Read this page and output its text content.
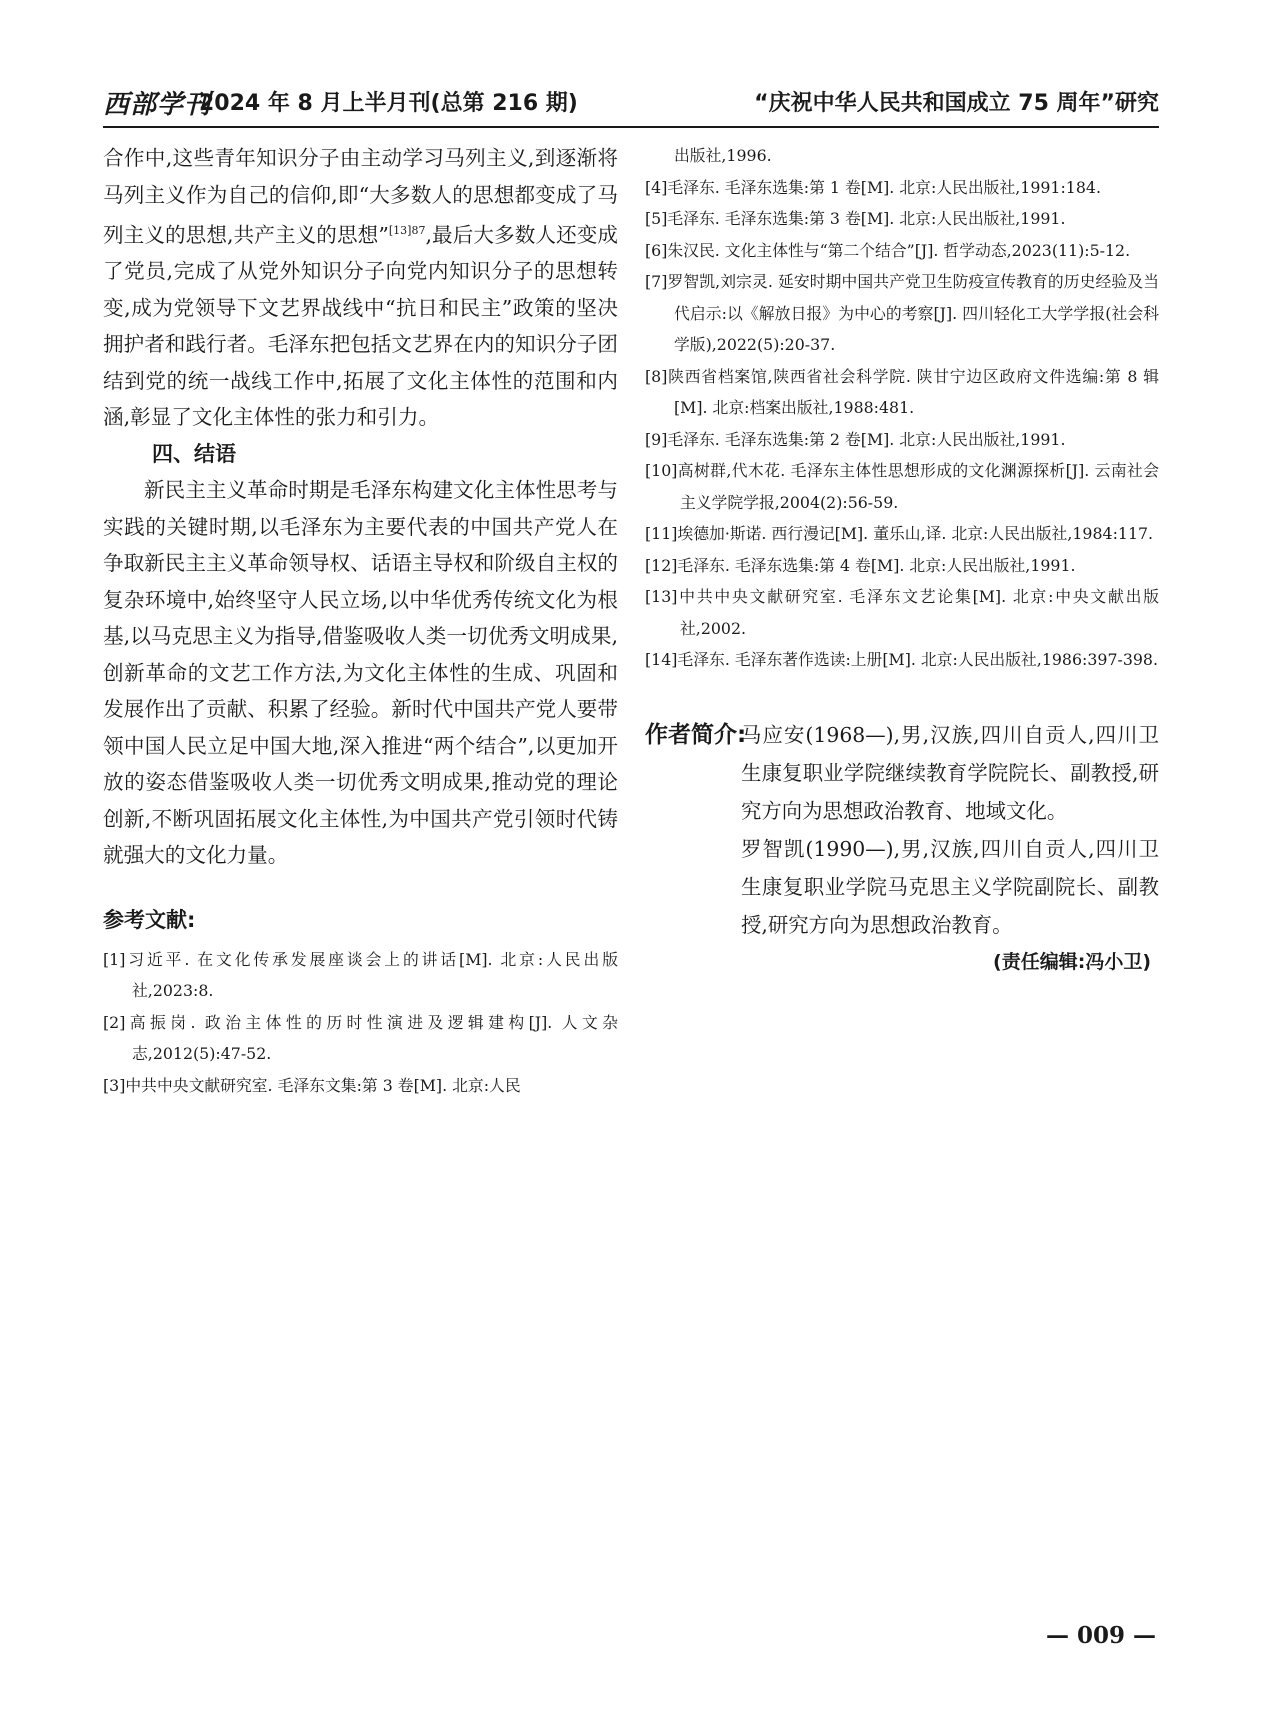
西部学刊
2024 年 8 月上半月刊(总第 216 期)	“庆祝中华人民共和国成立 75 周年”研究

合作中,这些青年知识分子由主动学习马列主义,到逐渐将马列主义作为自己的信仰,即“大多数人的思想都变成了马列主义的思想,共产主义的思想”$^{[13]87}$,最后大多数人还变成了党员,完成了从党外知识分子向党内知识分子的思想转变,成为党领导下文艺界战线中“抗日和民主”政策的坚决拥护者和践行者。毛泽东把包括文艺界在内的知识分子团结到党的统一战线工作中,拓展了文化主体性的范围和内涵,彰显了文化主体性的张力和引力。

四、结语

新民主主义革命时期是毛泽东构建文化主体性思考与实践的关键时期,以毛泽东为主要代表的中国共产党人在争取新民主主义革命领导权、话语主导权和阶级自主权的复杂环境中,始终坚守人民立场,以中华优秀传统文化为根基,以马克思主义为指导,借鉴吸收人类一切优秀文明成果,创新革命的文艺工作方法,为文化主体性的生成、巩固和发展作出了贡献、积累了经验。新时代中国共产党人要带领中国人民立足中国大地,深入推进“两个结合”,以更加开放的姿态借鉴吸收人类一切优秀文明成果,推动党的理论创新,不断巩固拓展文化主体性,为中国共产党引领时代铸就强大的文化力量。

参考文献:
[1]习近平. 在文化传承发展座谈会上的讲话[M]. 北京:人民出版社,2023:8.
[2]高振岗. 政治主体性的历时性演进及逻辑建构[J]. 人文杂志,2012(5):47-52.
[3]中共中央文献研究室. 毛泽东文集:第 3 卷[M]. 北京:人民
出版社,1996.
[4]毛泽东. 毛泽东选集:第 1 卷[M]. 北京:人民出版社,1991:184.
[5]毛泽东. 毛泽东选集:第 3 卷[M]. 北京:人民出版社,1991.
[6]朱汉民. 文化主体性与“第二个结合”[J]. 哲学动态,2023(11):5-12.
[7]罗智凯,刘宗灵. 延安时期中国共产党卫生防疫宣传教育的历史经验及当代启示:以《解放日报》为中心的考察[J]. 四川轻化工大学学报(社会科学版),2022(5):20-37.
[8]陕西省档案馆,陕西省社会科学院. 陕甘宁边区政府文件选编:第 8 辑[M]. 北京:档案出版社,1988:481.
[9]毛泽东. 毛泽东选集:第 2 卷[M]. 北京:人民出版社,1991.
[10]高树群,代木花. 毛泽东主体性思想形成的文化渊源探析[J]. 云南社会主义学院学报,2004(2):56-59.
[11]埃德加·斯诺. 西行漫记[M]. 董乐山,译. 北京:人民出版社,1984:117.
[12]毛泽东. 毛泽东选集:第 4 卷[M]. 北京:人民出版社,1991.
[13]中共中央文献研究室. 毛泽东文艺论集[M]. 北京:中央文献出版社,2002.
[14]毛泽东. 毛泽东著作选读:上册[M]. 北京:人民出版社,1986:397-398.
作者简介:

马应安(1968—),男,汉族,四川自贡人,四川卫生康复职业学院继续教育学院院长、副教授,研究方向为思想政治教育、地域文化。

罗智凯(1990—),男,汉族,四川自贡人,四川卫生康复职业学院马克思主义学院副院长、副教授,研究方向为思想政治教育。

(责任编辑:冯小卫)
— 009 —
